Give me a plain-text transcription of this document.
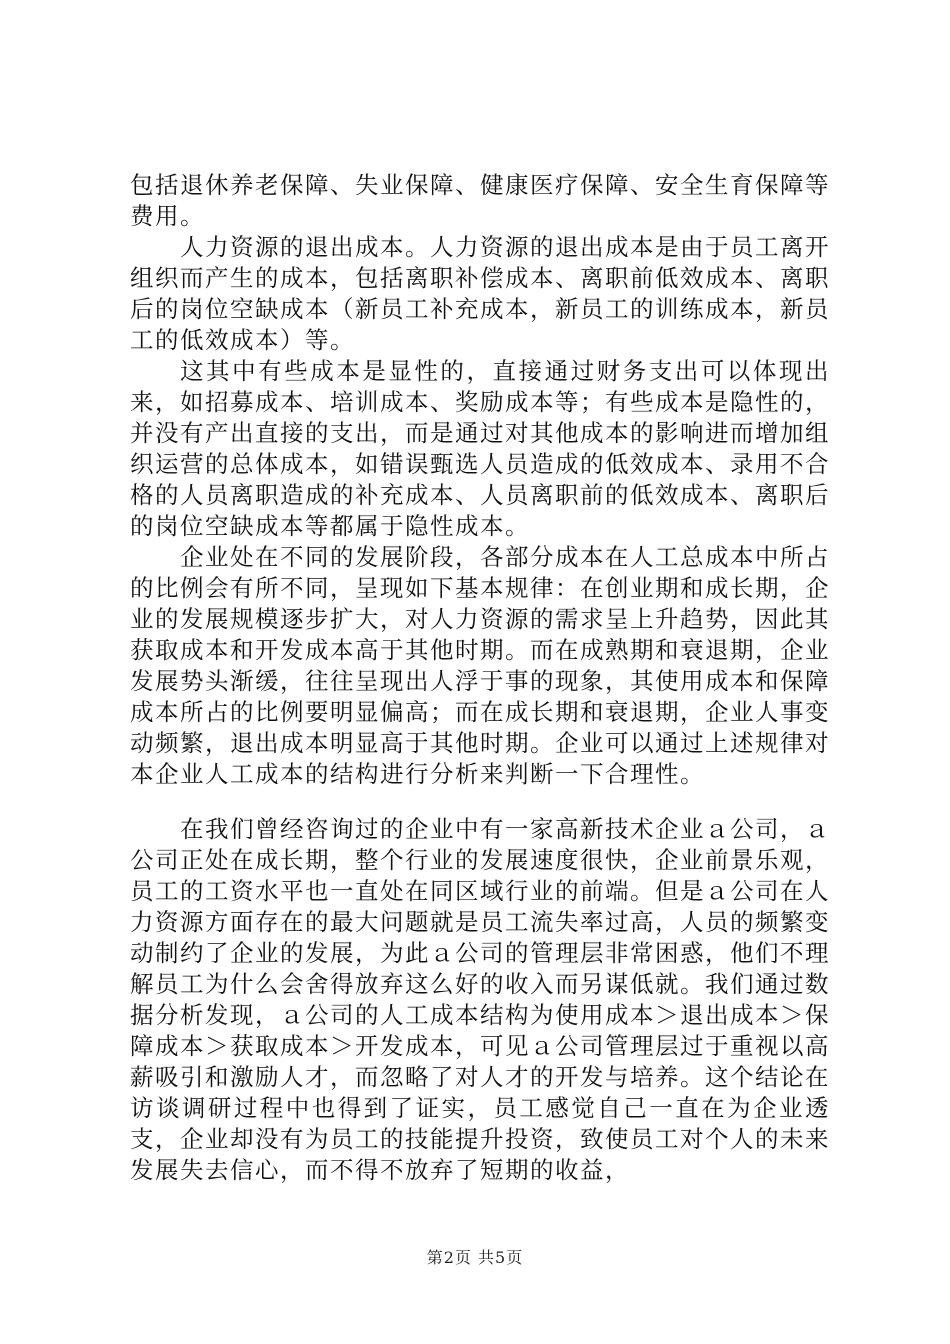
包括退休养老保障、失业保障、健康医疗保障、安全生育保障等费用。

人力资源的退出成本。人力资源的退出成本是由于员工离开组织而产生的成本，包括离职补偿成本、离职前低效成本、离职后的岗位空缺成本（新员工补充成本，新员工的训练成本，新员工的低效成本）等。

这其中有些成本是显性的，直接通过财务支出可以体现出来，如招募成本、培训成本、奖励成本等；有些成本是隐性的，并没有产出直接的支出，而是通过对其他成本的影响进而增加组织运营的总体成本，如错误甄选人员造成的低效成本、录用不合格的人员离职造成的补充成本、人员离职前的低效成本、离职后的岗位空缺成本等都属于隐性成本。

企业处在不同的发展阶段，各部分成本在人工总成本中所占的比例会有所不同，呈现如下基本规律：在创业期和成长期，企业的发展规模逐步扩大，对人力资源的需求呈上升趋势，因此其获取成本和开发成本高于其他时期。而在成熟期和衰退期，企业发展势头渐缓，往往呈现出人浮于事的现象，其使用成本和保障成本所占的比例要明显偏高；而在成长期和衰退期，企业人事变动频繁，退出成本明显高于其他时期。企业可以通过上述规律对本企业人工成本的结构进行分析来判断一下合理性。

在我们曾经咨询过的企业中有一家高新技术企业ａ公司，ａ公司正处在成长期，整个行业的发展速度很快，企业前景乐观，员工的工资水平也一直处在同区域行业的前端。但是ａ公司在人力资源方面存在的最大问题就是员工流失率过高，人员的频繁变动制约了企业的发展，为此ａ公司的管理层非常困惑，他们不理解员工为什么会舍得放弃这么好的收入而另谋低就。我们通过数据分析发现，ａ公司的人工成本结构为使用成本＞退出成本＞保障成本＞获取成本＞开发成本，可见ａ公司管理层过于重视以高薪吸引和激励人才，而忽略了对人才的开发与培养。这个结论在访谈调研过程中也得到了证实，员工感觉自己一直在为企业透支，企业却没有为员工的技能提升投资，致使员工对个人的未来发展失去信心，而不得不放弃了短期的收益，

第2页 共5页
